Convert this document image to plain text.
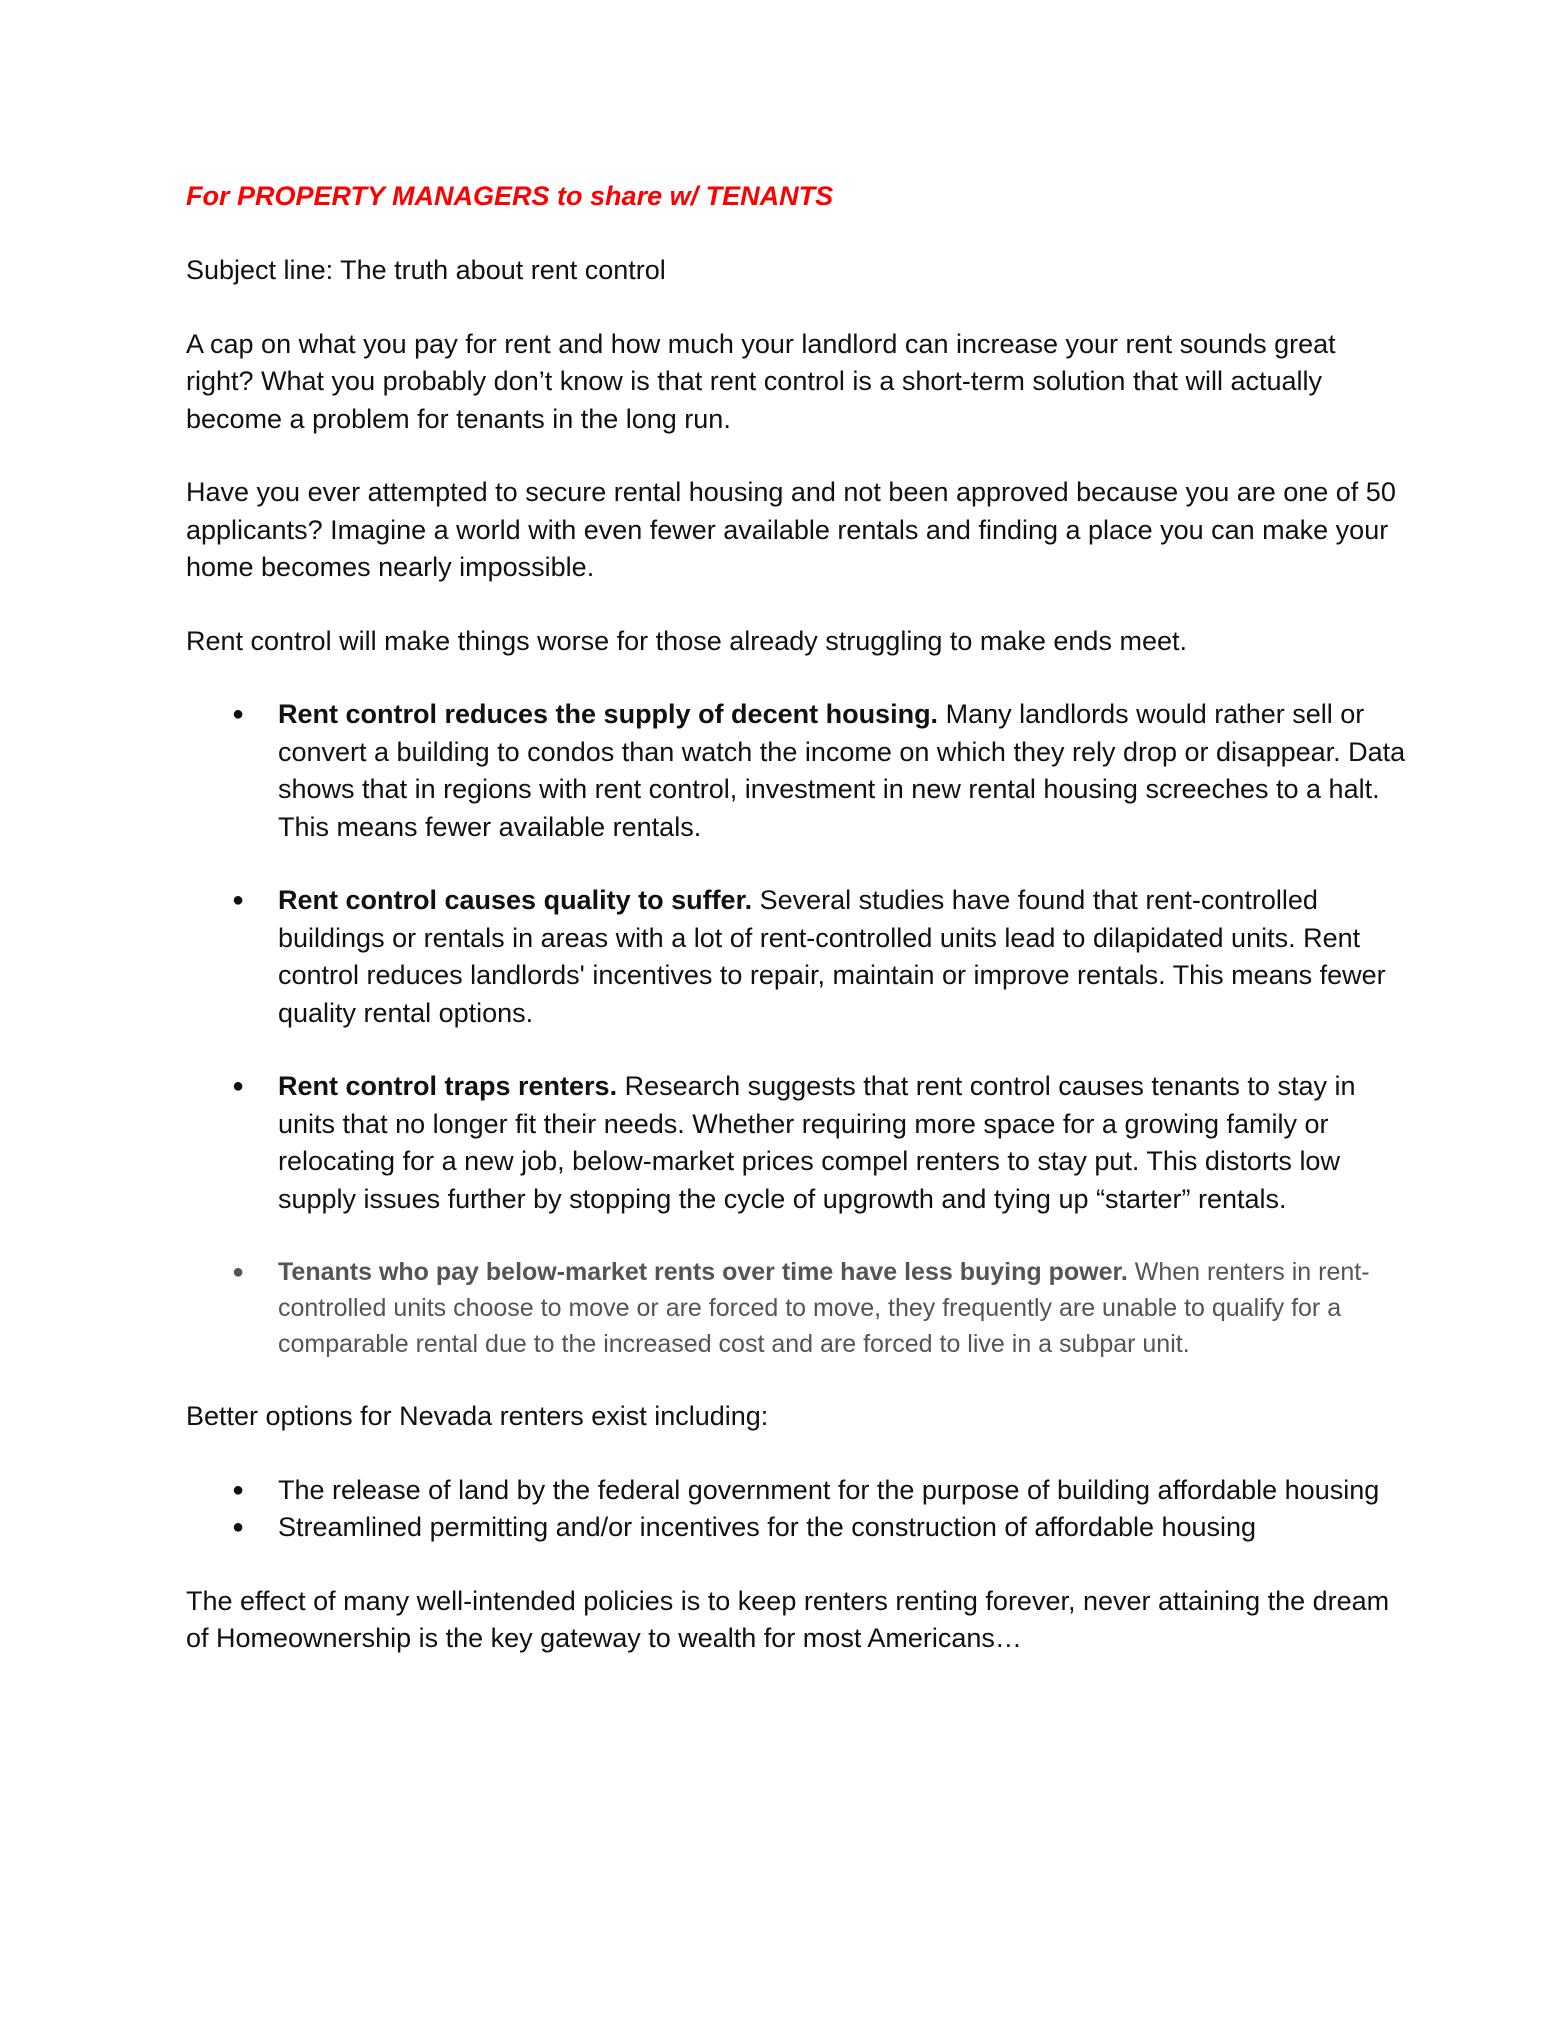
For PROPERTY MANAGERS to share w/ TENANTS

Subject line: The truth about rent control

A cap on what you pay for rent and how much your landlord can increase your rent sounds great right? What you probably don’t know is that rent control is a short-term solution that will actually become a problem for tenants in the long run.

Have you ever attempted to secure rental housing and not been approved because you are one of 50 applicants? Imagine a world with even fewer available rentals and finding a place you can make your home becomes nearly impossible.

Rent control will make things worse for those already struggling to make ends meet.

● Rent control reduces the supply of decent housing. Many landlords would rather sell or convert a building to condos than watch the income on which they rely drop or disappear. Data shows that in regions with rent control, investment in new rental housing screeches to a halt. This means fewer available rentals.
● Rent control causes quality to suffer. Several studies have found that rent-controlled buildings or rentals in areas with a lot of rent-controlled units lead to dilapidated units. Rent control reduces landlords' incentives to repair, maintain or improve rentals. This means fewer quality rental options.
● Rent control traps renters. Research suggests that rent control causes tenants to stay in units that no longer fit their needs. Whether requiring more space for a growing family or relocating for a new job, below-market prices compel renters to stay put. This distorts low supply issues further by stopping the cycle of upgrowth and tying up “starter” rentals.
● Tenants who pay below-market rents over time have less buying power. When renters in rent-controlled units choose to move or are forced to move, they frequently are unable to qualify for a comparable rental due to the increased cost and are forced to live in a subpar unit.

Better options for Nevada renters exist including:

● The release of land by the federal government for the purpose of building affordable housing
● Streamlined permitting and/or incentives for the construction of affordable housing

The effect of many well-intended policies is to keep renters renting forever, never attaining the dream of Homeownership is the key gateway to wealth for most Americans…
